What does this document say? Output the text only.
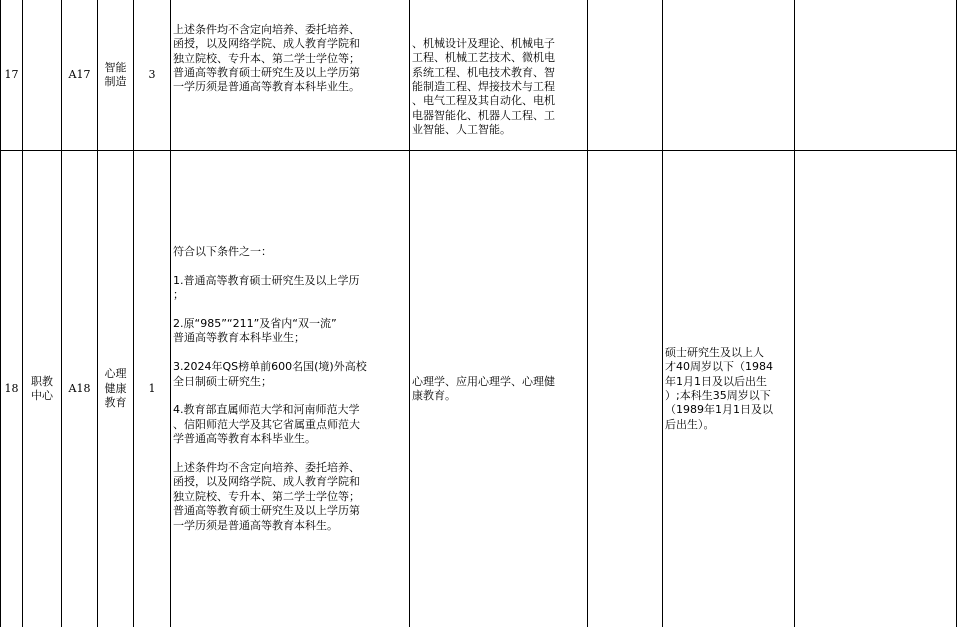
17	A17
智能
制造
3

上述条件均不含定向培养、委托培养、
函授，以及网络学院、成人教育学院和
独立院校、专升本、第二学士学位等；
普通高等教育硕士研究生及以上学历第
一学历须是普通高等教育本科毕业生。

、机械设计及理论、机械电子
工程、机械工艺技术、微机电
系统工程、机电技术教育、智
能制造工程、焊接技术与工程
、电气工程及其自动化、电机
电器智能化、机器人工程、工
业智能、人工智能。

18
职教
中心
A18
心理
健康
教育
1
符合以下条件之一：

1.普通高等教育硕士研究生及以上学历
；

2.原“985”“211”及省内“双一流”
普通高等教育本科毕业生；

3.2024年QS榜单前600名国(境)外高校
全日制硕士研究生；

4.教育部直属师范大学和河南师范大学
、信阳师范大学及其它省属重点师范大
学普通高等教育本科毕业生。

上述条件均不含定向培养、委托培养、
函授，以及网络学院、成人教育学院和
独立院校、专升本、第二学士学位等；
普通高等教育硕士研究生及以上学历第
一学历须是普通高等教育本科生。
心理学、应用心理学、心理健
康教育。
硕士研究生及以上人
才40周岁以下（1984
年1月1日及以后出生
）;本科生35周岁以下
（1989年1月1日及以
后出生）。
